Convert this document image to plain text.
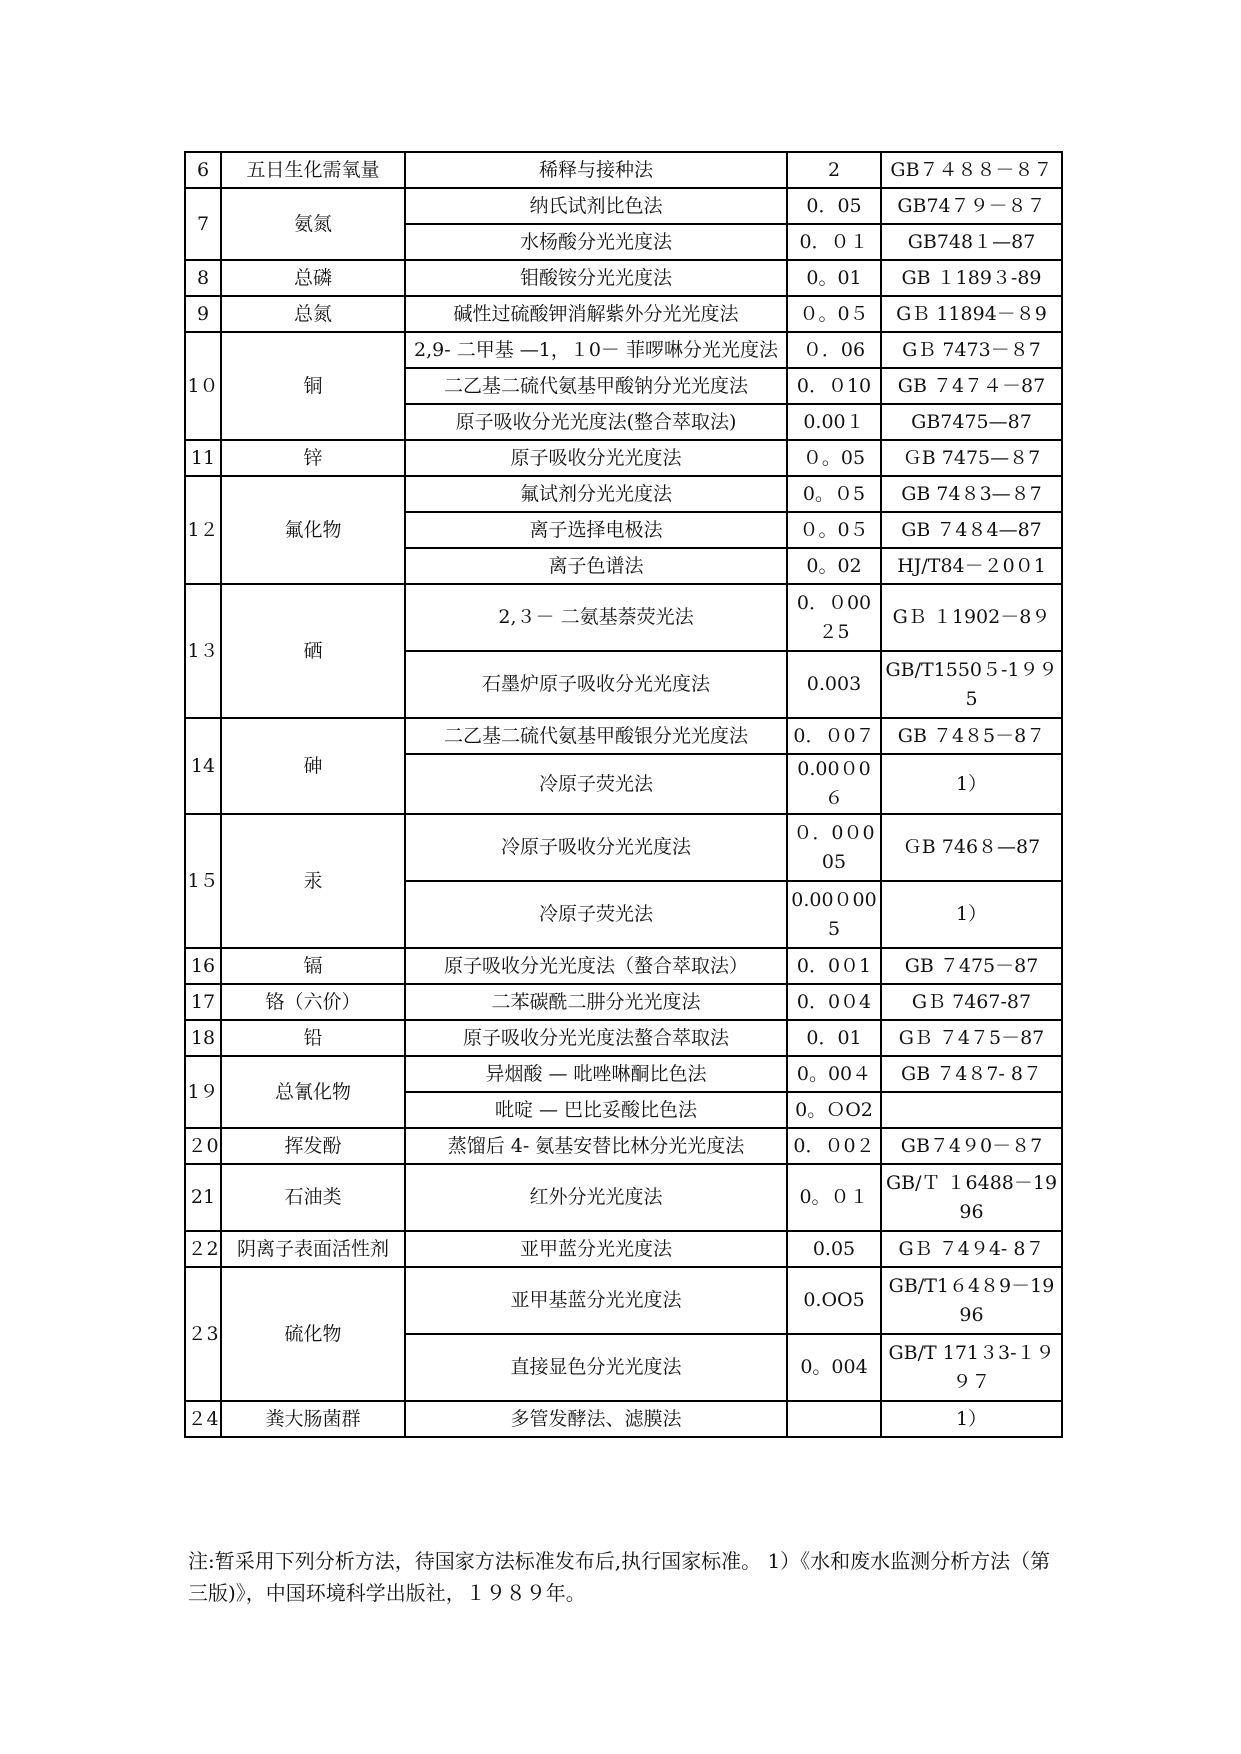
6	五日生化需氧量	稀释与接种法	2	GB７４８８－８７
7	氨氮	纳氏试剂比色法	0．05	GB74７９－８７
		水杨酸分光光度法	0．０１	GB748１—87
8	总磷	钼酸铵分光光度法	0。01	GB １189３-89
9	总氮	碱性过硫酸钾消解紫外分光光度法	０。0５	GＢ 11894－８9
1０	铜	2,9- 二甲基 —1，１0－ 菲啰啉分光光度法	０．06	GＢ 7473－８7
		二乙基二硫代氨基甲酸钠分光光度法	0．０10	GB ７4７４－87
		原子吸收分光光度法(整合萃取法)	0.00１	GB7475—87
11	锌	原子吸收分光光度法	０。05	ＧB 7475—８7
1２	氟化物	氟试剂分光光度法	0。０5	GB 74８3—８7
		离子选择电极法	０。0５	GB ７4８4—87
		离子色谱法	0。02	HJ/T84－２0０1
1３	硒	2,３－ 二氨基萘荧光法	0．０00２5	GＢ １1902－8９
		石墨炉原子吸收分光光度法	0.003	GB/T1550５-1９９5
14	砷	二乙基二硫代氨基甲酸银分光光度法	0．０0７	GB ７4８5－8７
		冷原子荧光法	0.00０0６	1）
1５	汞	冷原子吸收分光光度法	０．0０005	ＧB 746８—87
		冷原子荧光法	0.00０005	1）
16	镉	原子吸收分光光度法（螯合萃取法）	0．0０1	GB ７475－87
17	铬（六价）	二苯碳酰二肼分光光度法	0．0０4	GＢ 7467-87
18	铅	原子吸收分光光度法螯合萃取法	0．01	GＢ ７4７5－87
1９	总氰化物	异烟酸 — 吡唑啉酮比色法	0。00４	GB ７4８7- 8７
		吡啶 — 巴比妥酸比色法	0。ＯO2	
２0	挥发酚	蒸馏后 4- 氨基安替比林分光光度法	0．０0２	GB７4９0－８7
21	石油类	红外分光光度法	0。０１	GB/Ｔ １6488－1996
２2	阴离子表面活性剂	亚甲蓝分光光度法	0.05	GＢ ７4９4- 8７
２3	硫化物	亚甲基蓝分光光度法	0.OO5	GB/T1６4８9－1996
		直接显色分光光度法	0。004	GB/T 171３3-１９９７
２4	粪大肠菌群	多管发酵法、滤膜法		1）

注:暂采用下列分析方法，待国家方法标准发布后,执行国家标准。 1）《水和废水监测分析方法（第三版)》，中国环境科学出版社，１９８９年。
